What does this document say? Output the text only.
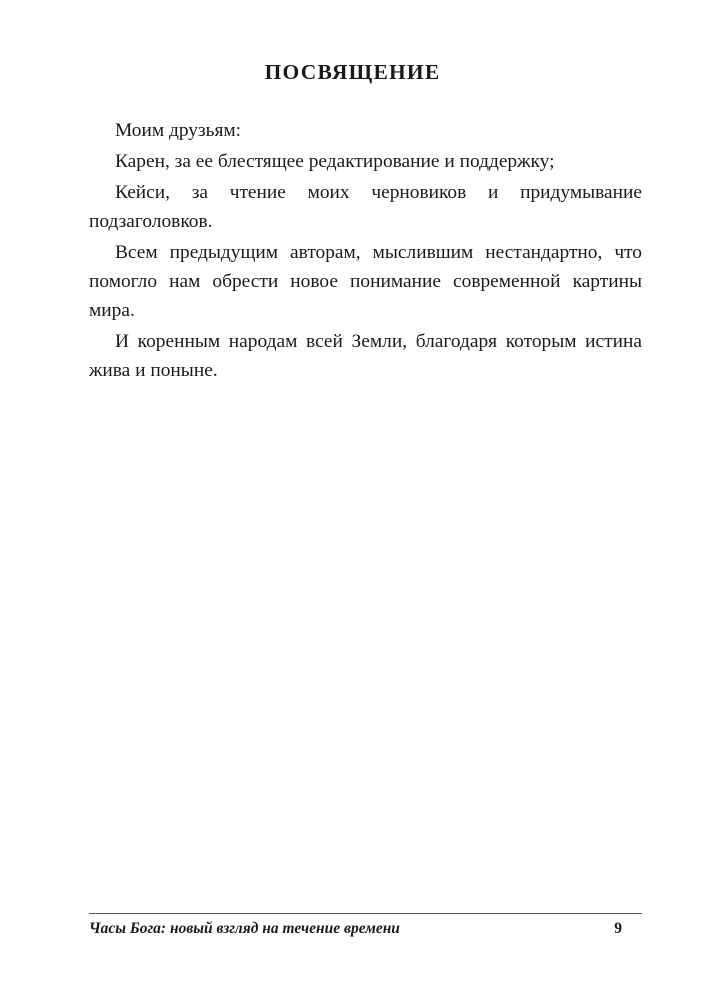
ПОСВЯЩЕНИЕ

Моим друзьям:

Карен, за ее блестящее редактирование и поддержку;

Кейси, за чтение моих черновиков и придумывание подзаголовков.

Всем предыдущим авторам, мыслившим нестандартно, что помогло нам обрести новое понимание современной картины мира.

И коренным народам всей Земли, благодаря которым истина жива и поныне.

Часы Бога: новый взгляд на течение времени	9
